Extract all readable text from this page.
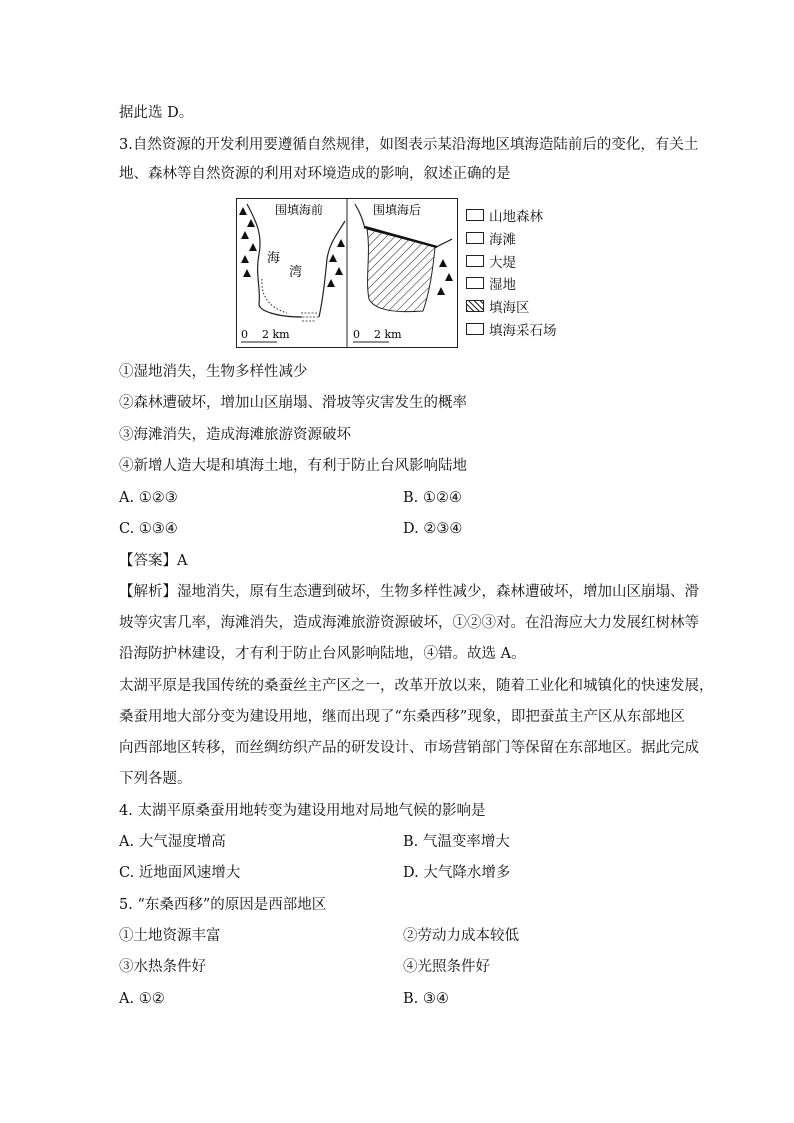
据此选 D。
3.自然资源的开发利用要遵循自然规律，如图表示某沿海地区填海造陆前后的变化，有关土
地、森林等自然资源的利用对环境造成的影响，叙述正确的是
海
湾
围填海后
围填海前
0    2 km	0    2 km
山地森林
海滩
大堤
湿地
填海区
填海采石场
①湿地消失，生物多样性减少
②森林遭破坏，增加山区崩塌、滑坡等灾害发生的概率
③海滩消失，造成海滩旅游资源破坏
④新增人造大堤和填海土地，有利于防止台风影响陆地
A. ①②③	B. ①②④
C. ①③④	D. ②③④
【答案】A
【解析】湿地消失，原有生态遭到破坏，生物多样性减少，森林遭破坏，增加山区崩塌、滑
坡等灾害几率，海滩消失，造成海滩旅游资源破坏，①②③对。在沿海应大力发展红树林等
沿海防护林建设，才有利于防止台风影响陆地，④错。故选 A。
太湖平原是我国传统的桑蚕丝主产区之一，改革开放以来，随着工业化和城镇化的快速发展，
桑蚕用地大部分变为建设用地，继而出现了“东桑西移”现象，即把蚕茧主产区从东部地区
向西部地区转移，而丝绸纺织产品的研发设计、市场营销部门等保留在东部地区。据此完成
下列各题。
4. 太湖平原桑蚕用地转变为建设用地对局地气候的影响是
A. 大气湿度增高	B. 气温变率增大
C. 近地面风速增大	D. 大气降水增多
5. “东桑西移”的原因是西部地区
①土地资源丰富	②劳动力成本较低
③水热条件好	④光照条件好
A. ①②	B. ③④
